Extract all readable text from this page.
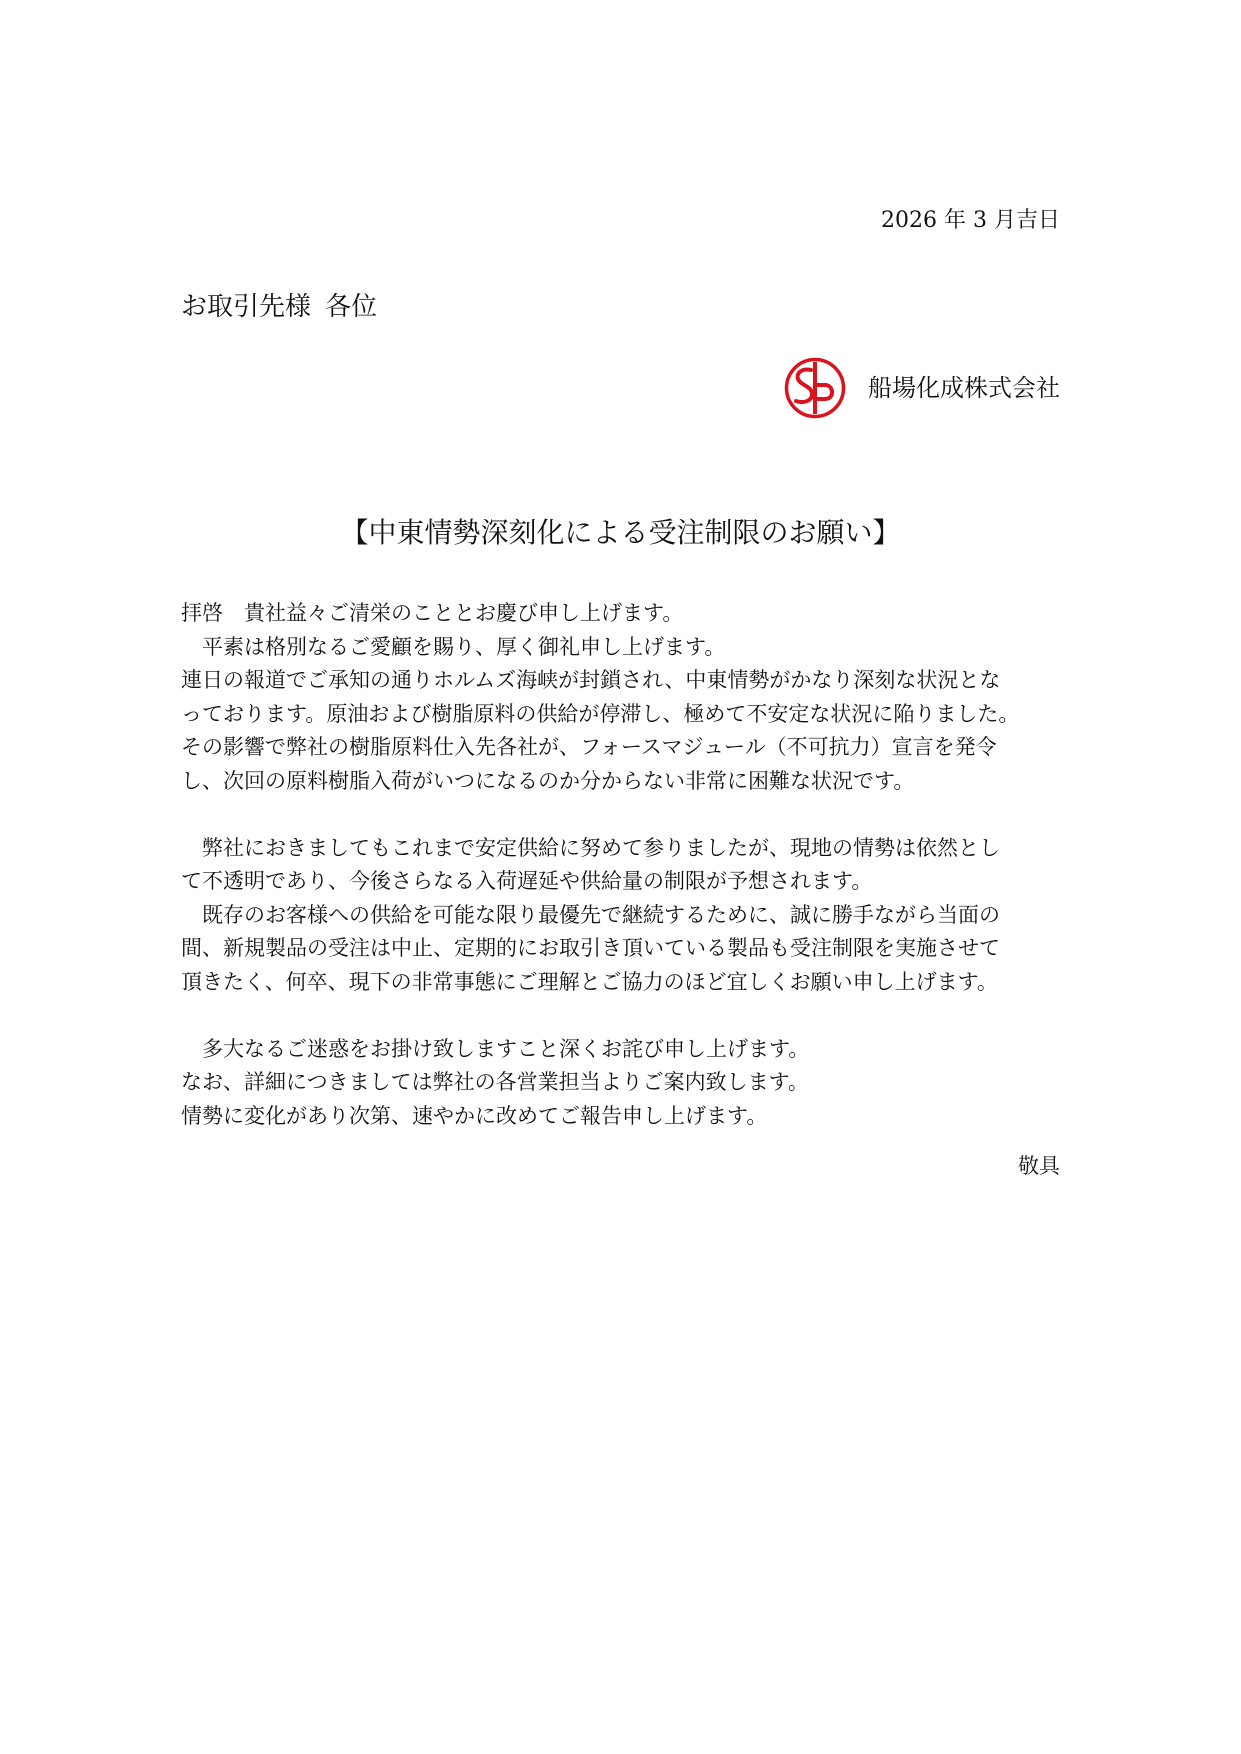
2026 年 3 月吉日
お取引先様 各位
船場化成株式会社
【中東情勢深刻化による受注制限のお願い】
拝啓　貴社益々ご清栄のこととお慶び申し上げます。
平素は格別なるご愛顧を賜り、厚く御礼申し上げます。
連日の報道でご承知の通りホルムズ海峡が封鎖され、中東情勢がかなり深刻な状況とな
っております。原油および樹脂原料の供給が停滞し、極めて不安定な状況に陥りました。
その影響で弊社の樹脂原料仕入先各社が、フォースマジュール（不可抗力）宣言を発令
し、次回の原料樹脂入荷がいつになるのか分からない非常に困難な状況です。
弊社におきましてもこれまで安定供給に努めて参りましたが、現地の情勢は依然とし
て不透明であり、今後さらなる入荷遅延や供給量の制限が予想されます。
既存のお客様への供給を可能な限り最優先で継続するために、誠に勝手ながら当面の
間、新規製品の受注は中止、定期的にお取引き頂いている製品も受注制限を実施させて
頂きたく、何卒、現下の非常事態にご理解とご協力のほど宜しくお願い申し上げます。
多大なるご迷惑をお掛け致しますこと深くお詫び申し上げます。
なお、詳細につきましては弊社の各営業担当よりご案内致します。
情勢に変化があり次第、速やかに改めてご報告申し上げます。
敬具
